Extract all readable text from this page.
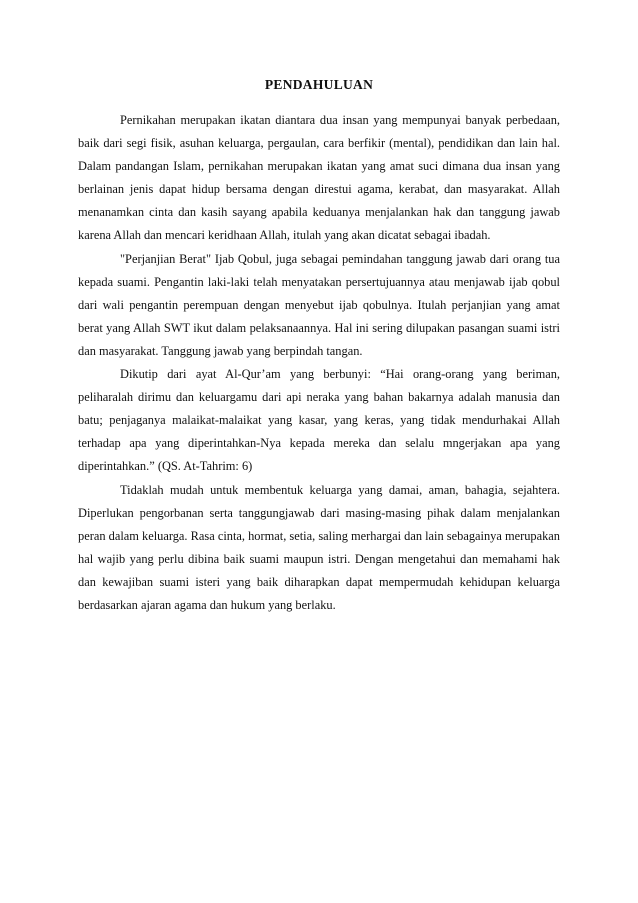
PENDAHULUAN

Pernikahan merupakan ikatan diantara dua insan yang mempunyai banyak perbedaan, baik dari segi fisik, asuhan keluarga, pergaulan, cara berfikir (mental), pendidikan dan lain hal. Dalam pandangan Islam, pernikahan merupakan ikatan yang amat suci dimana dua insan yang berlainan jenis dapat hidup bersama dengan direstui agama, kerabat, dan masyarakat. Allah menanamkan cinta dan kasih sayang apabila keduanya menjalankan hak dan tanggung jawab karena Allah dan mencari keridhaan Allah, itulah yang akan dicatat sebagai ibadah.

"Perjanjian Berat" Ijab Qobul, juga sebagai pemindahan tanggung jawab dari orang tua kepada suami. Pengantin laki-laki telah menyatakan persertujuannya atau menjawab ijab qobul dari wali pengantin perempuan dengan menyebut ijab qobulnya. Itulah perjanjian yang amat berat yang Allah SWT ikut dalam pelaksanaannya. Hal ini sering dilupakan pasangan suami istri dan masyarakat. Tanggung jawab yang berpindah tangan.

Dikutip dari ayat Al-Qur’am yang berbunyi: “Hai orang-orang yang beriman, peliharalah dirimu dan keluargamu dari api neraka yang bahan bakarnya adalah manusia dan batu; penjaganya malaikat-malaikat yang kasar, yang keras, yang tidak mendurhakai Allah terhadap apa yang diperintahkan-Nya kepada mereka dan selalu mngerjakan apa yang diperintahkan.” (QS. At-Tahrim: 6)

Tidaklah mudah untuk membentuk keluarga yang damai, aman, bahagia, sejahtera. Diperlukan pengorbanan serta tanggungjawab dari masing-masing pihak dalam menjalankan peran dalam keluarga. Rasa cinta, hormat, setia, saling merhargai dan lain sebagainya merupakan hal wajib yang perlu dibina baik suami maupun istri. Dengan mengetahui dan memahami hak dan kewajiban suami isteri yang baik diharapkan dapat mempermudah kehidupan keluarga berdasarkan ajaran agama dan hukum yang berlaku.
